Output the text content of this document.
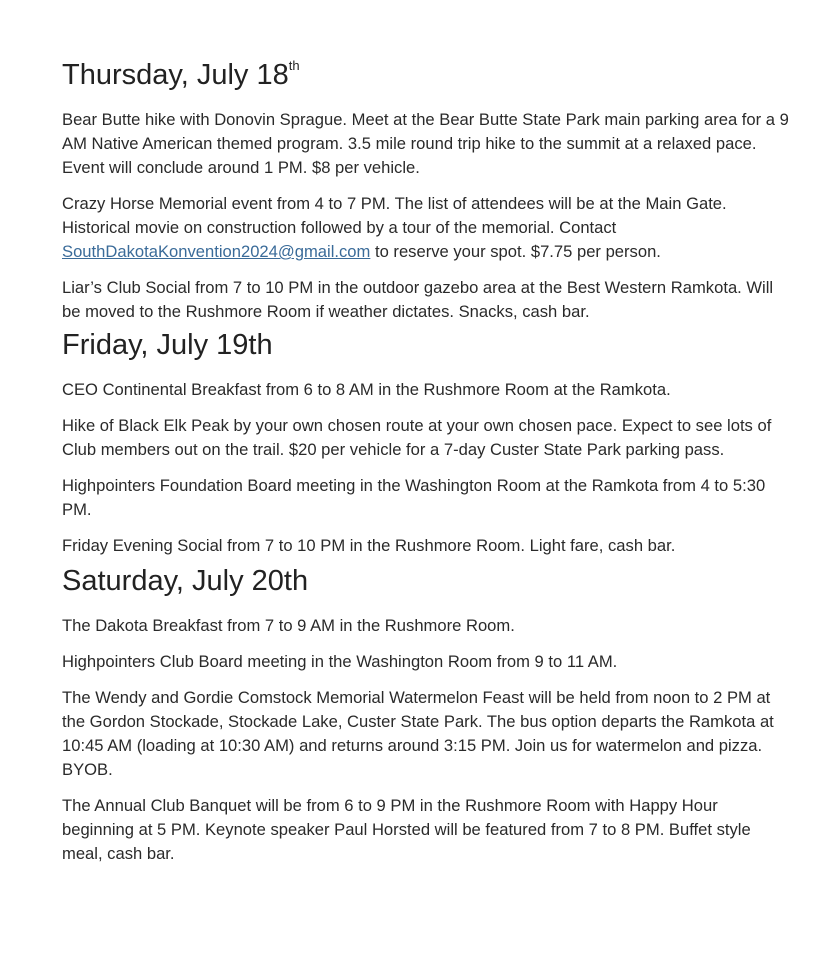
Thursday, July 18th

Bear Butte hike with Donovin Sprague. Meet at the Bear Butte State Park main parking area for a 9 AM Native American themed program. 3.5 mile round trip hike to the summit at a relaxed pace. Event will conclude around 1 PM. $8 per vehicle.

Crazy Horse Memorial event from 4 to 7 PM. The list of attendees will be at the Main Gate. Historical movie on construction followed by a tour of the memorial. Contact SouthDakotaKonvention2024@gmail.com to reserve your spot. $7.75 per person.

Liar’s Club Social from 7 to 10 PM in the outdoor gazebo area at the Best Western Ramkota. Will be moved to the Rushmore Room if weather dictates. Snacks, cash bar.

Friday, July 19th

CEO Continental Breakfast from 6 to 8 AM in the Rushmore Room at the Ramkota.

Hike of Black Elk Peak by your own chosen route at your own chosen pace. Expect to see lots of Club members out on the trail. $20 per vehicle for a 7-day Custer State Park parking pass.

Highpointers Foundation Board meeting in the Washington Room at the Ramkota from 4 to 5:30 PM.

Friday Evening Social from 7 to 10 PM in the Rushmore Room. Light fare, cash bar.

Saturday, July 20th

The Dakota Breakfast from 7 to 9 AM in the Rushmore Room.

Highpointers Club Board meeting in the Washington Room from 9 to 11 AM.

The Wendy and Gordie Comstock Memorial Watermelon Feast will be held from noon to 2 PM at the Gordon Stockade, Stockade Lake, Custer State Park. The bus option departs the Ramkota at 10:45 AM (loading at 10:30 AM) and returns around 3:15 PM. Join us for watermelon and pizza. BYOB.

The Annual Club Banquet will be from 6 to 9 PM in the Rushmore Room with Happy Hour beginning at 5 PM. Keynote speaker Paul Horsted will be featured from 7 to 8 PM. Buffet style meal, cash bar.
